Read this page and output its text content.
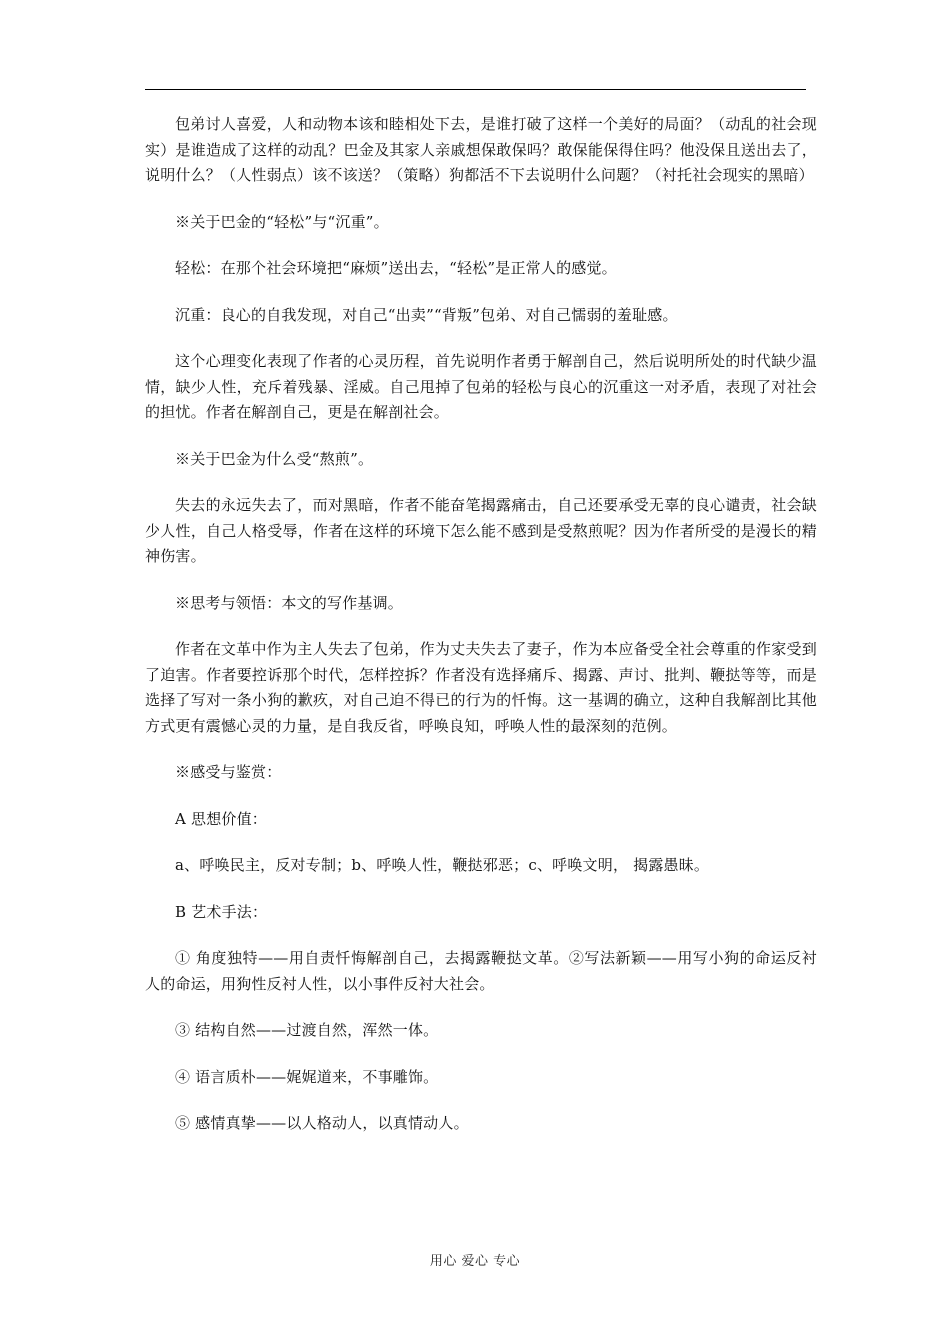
包弟讨人喜爱，人和动物本该和睦相处下去，是谁打破了这样一个美好的局面？（动乱的社会现实）是谁造成了这样的动乱？巴金及其家人亲戚想保敢保吗？敢保能保得住吗？他没保且送出去了，说明什么？（人性弱点）该不该送？（策略）狗都活不下去说明什么问题？（衬托社会现实的黑暗）

※关于巴金的“轻松”与“沉重”。

轻松：在那个社会环境把“麻烦”送出去，“轻松”是正常人的感觉。

沉重：良心的自我发现，对自己“出卖”“背叛”包弟、对自己懦弱的羞耻感。

这个心理变化表现了作者的心灵历程，首先说明作者勇于解剖自己，然后说明所处的时代缺少温情，缺少人性，充斥着残暴、淫威。自己甩掉了包弟的轻松与良心的沉重这一对矛盾，表现了对社会的担忧。作者在解剖自己，更是在解剖社会。

※关于巴金为什么受“熬煎”。

失去的永远失去了，而对黑暗，作者不能奋笔揭露痛击，自己还要承受无辜的良心谴责，社会缺少人性，自己人格受辱，作者在这样的环境下怎么能不感到是受熬煎呢？因为作者所受的是漫长的精神伤害。

※思考与领悟：本文的写作基调。

作者在文革中作为主人失去了包弟，作为丈夫失去了妻子，作为本应备受全社会尊重的作家受到了迫害。作者要控诉那个时代，怎样控拆？作者没有选择痛斥、揭露、声讨、批判、鞭挞等等，而是选择了写对一条小狗的歉疚，对自己迫不得已的行为的忏悔。这一基调的确立，这种自我解剖比其他方式更有震憾心灵的力量，是自我反省，呼唤良知，呼唤人性的最深刻的范例。

※感受与鉴赏：

A 思想价值：

a、呼唤民主，反对专制；b、呼唤人性，鞭挞邪恶；c、呼唤文明， 揭露愚昧。

B 艺术手法：

① 角度独特——用自责忏悔解剖自己，去揭露鞭挞文革。②写法新颖——用写小狗的命运反衬人的命运，用狗性反衬人性，以小事件反衬大社会。

③ 结构自然——过渡自然，浑然一体。

④ 语言质朴——娓娓道来，不事雕饰。

⑤ 感情真挚——以人格动人，以真情动人。

用心 爱心 专心
